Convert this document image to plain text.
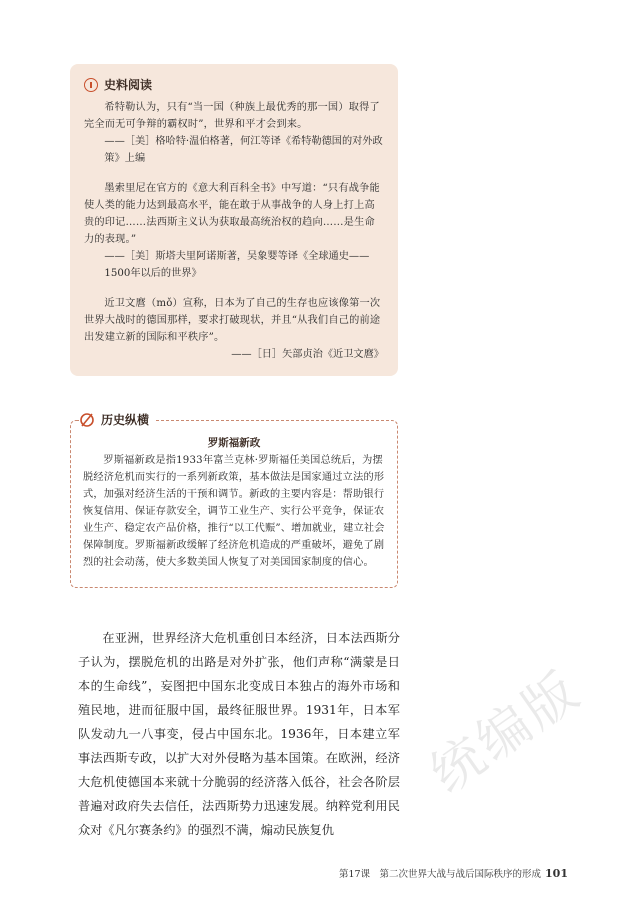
史料阅读

希特勒认为，只有“当一国（种族上最优秀的那一国）取得了完全而无可争辩的霸权时”，世界和平才会到来。

——［美］格哈特·温伯格著，何江等译《希特勒德国的对外政策》上编

墨索里尼在官方的《意大利百科全书》中写道：“只有战争能使人类的能力达到最高水平，能在敢于从事战争的人身上打上高贵的印记……法西斯主义认为获取最高统治权的趋向……是生命力的表现。”

——［美］斯塔夫里阿诺斯著，吴象婴等译《全球通史——1500年以后的世界》

近卫文麿（mǒ）宣称，日本为了自己的生存也应该像第一次世界大战时的德国那样，要求打破现状，并且“从我们自己的前途出发建立新的国际和平秩序”。

——［日］矢部贞治《近卫文麿》

历史纵横

罗斯福新政

罗斯福新政是指1933年富兰克林·罗斯福任美国总统后，为摆脱经济危机而实行的一系列新政策，基本做法是国家通过立法的形式，加强对经济生活的干预和调节。新政的主要内容是：帮助银行恢复信用、保证存款安全，调节工业生产、实行公平竞争，保证农业生产、稳定农产品价格，推行“以工代赈”、增加就业，建立社会保障制度。罗斯福新政缓解了经济危机造成的严重破坏，避免了剧烈的社会动荡，使大多数美国人恢复了对美国国家制度的信心。

在亚洲，世界经济大危机重创日本经济，日本法西斯分子认为，摆脱危机的出路是对外扩张，他们声称“满蒙是日本的生命线”，妄图把中国东北变成日本独占的海外市场和殖民地，进而征服中国，最终征服世界。1931年，日本军队发动九一八事变，侵占中国东北。1936年，日本建立军事法西斯专政，以扩大对外侵略为基本国策。在欧洲，经济大危机使德国本来就十分脆弱的经济落入低谷，社会各阶层普遍对政府失去信任，法西斯势力迅速发展。纳粹党利用民众对《凡尔赛条约》的强烈不满，煽动民族复仇

统编版
第17课　第二次世界大战与战后国际秩序的形成 101
